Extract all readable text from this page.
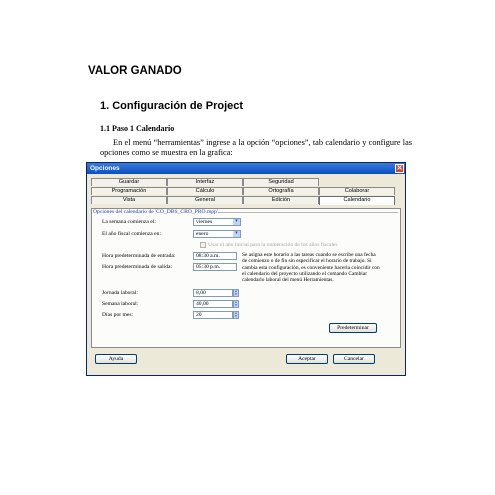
VALOR GANADO
1. Configuración de Project
1.1 Paso 1 Calendario
En el menú “herramientas” ingrese a la opción “opciones”, tab calendario y configure las opciones como se muestra en la grafica:
Opciones	✕
Guardar	Interfaz	Seguridad
Programación	Cálculo	Ortografía	Colaborar
Vista	General	Edición	Calendario
Opciones del calendario de 'CO_DBS_CRO_PRO.mpp'
La semana comienza el:	viernes	▾
El año fiscal comienza en:	enero	▾
Usar el año inicial para la numeración de los años fiscales
Hora predeterminada de entrada:	08:30 a.m.
Hora predeterminada de salida:	05:30 p.m.
Se asigna este horario a las tareas cuando se escribe una fecha de comienzo o de fin sin especificar el horario de trabajo. Si cambia esta configuración, es conveniente hacerla coincidir con el calendario del proyecto utilizando el comando Cambiar calendario laboral del menú Herramientas.
Jornada laboral:	8,00	▲
▼
Semana laboral:	40,00	▲
▼
Días por mes:	20	▲
▼
Predeterminar
Ayuda	Aceptar	Cancelar
